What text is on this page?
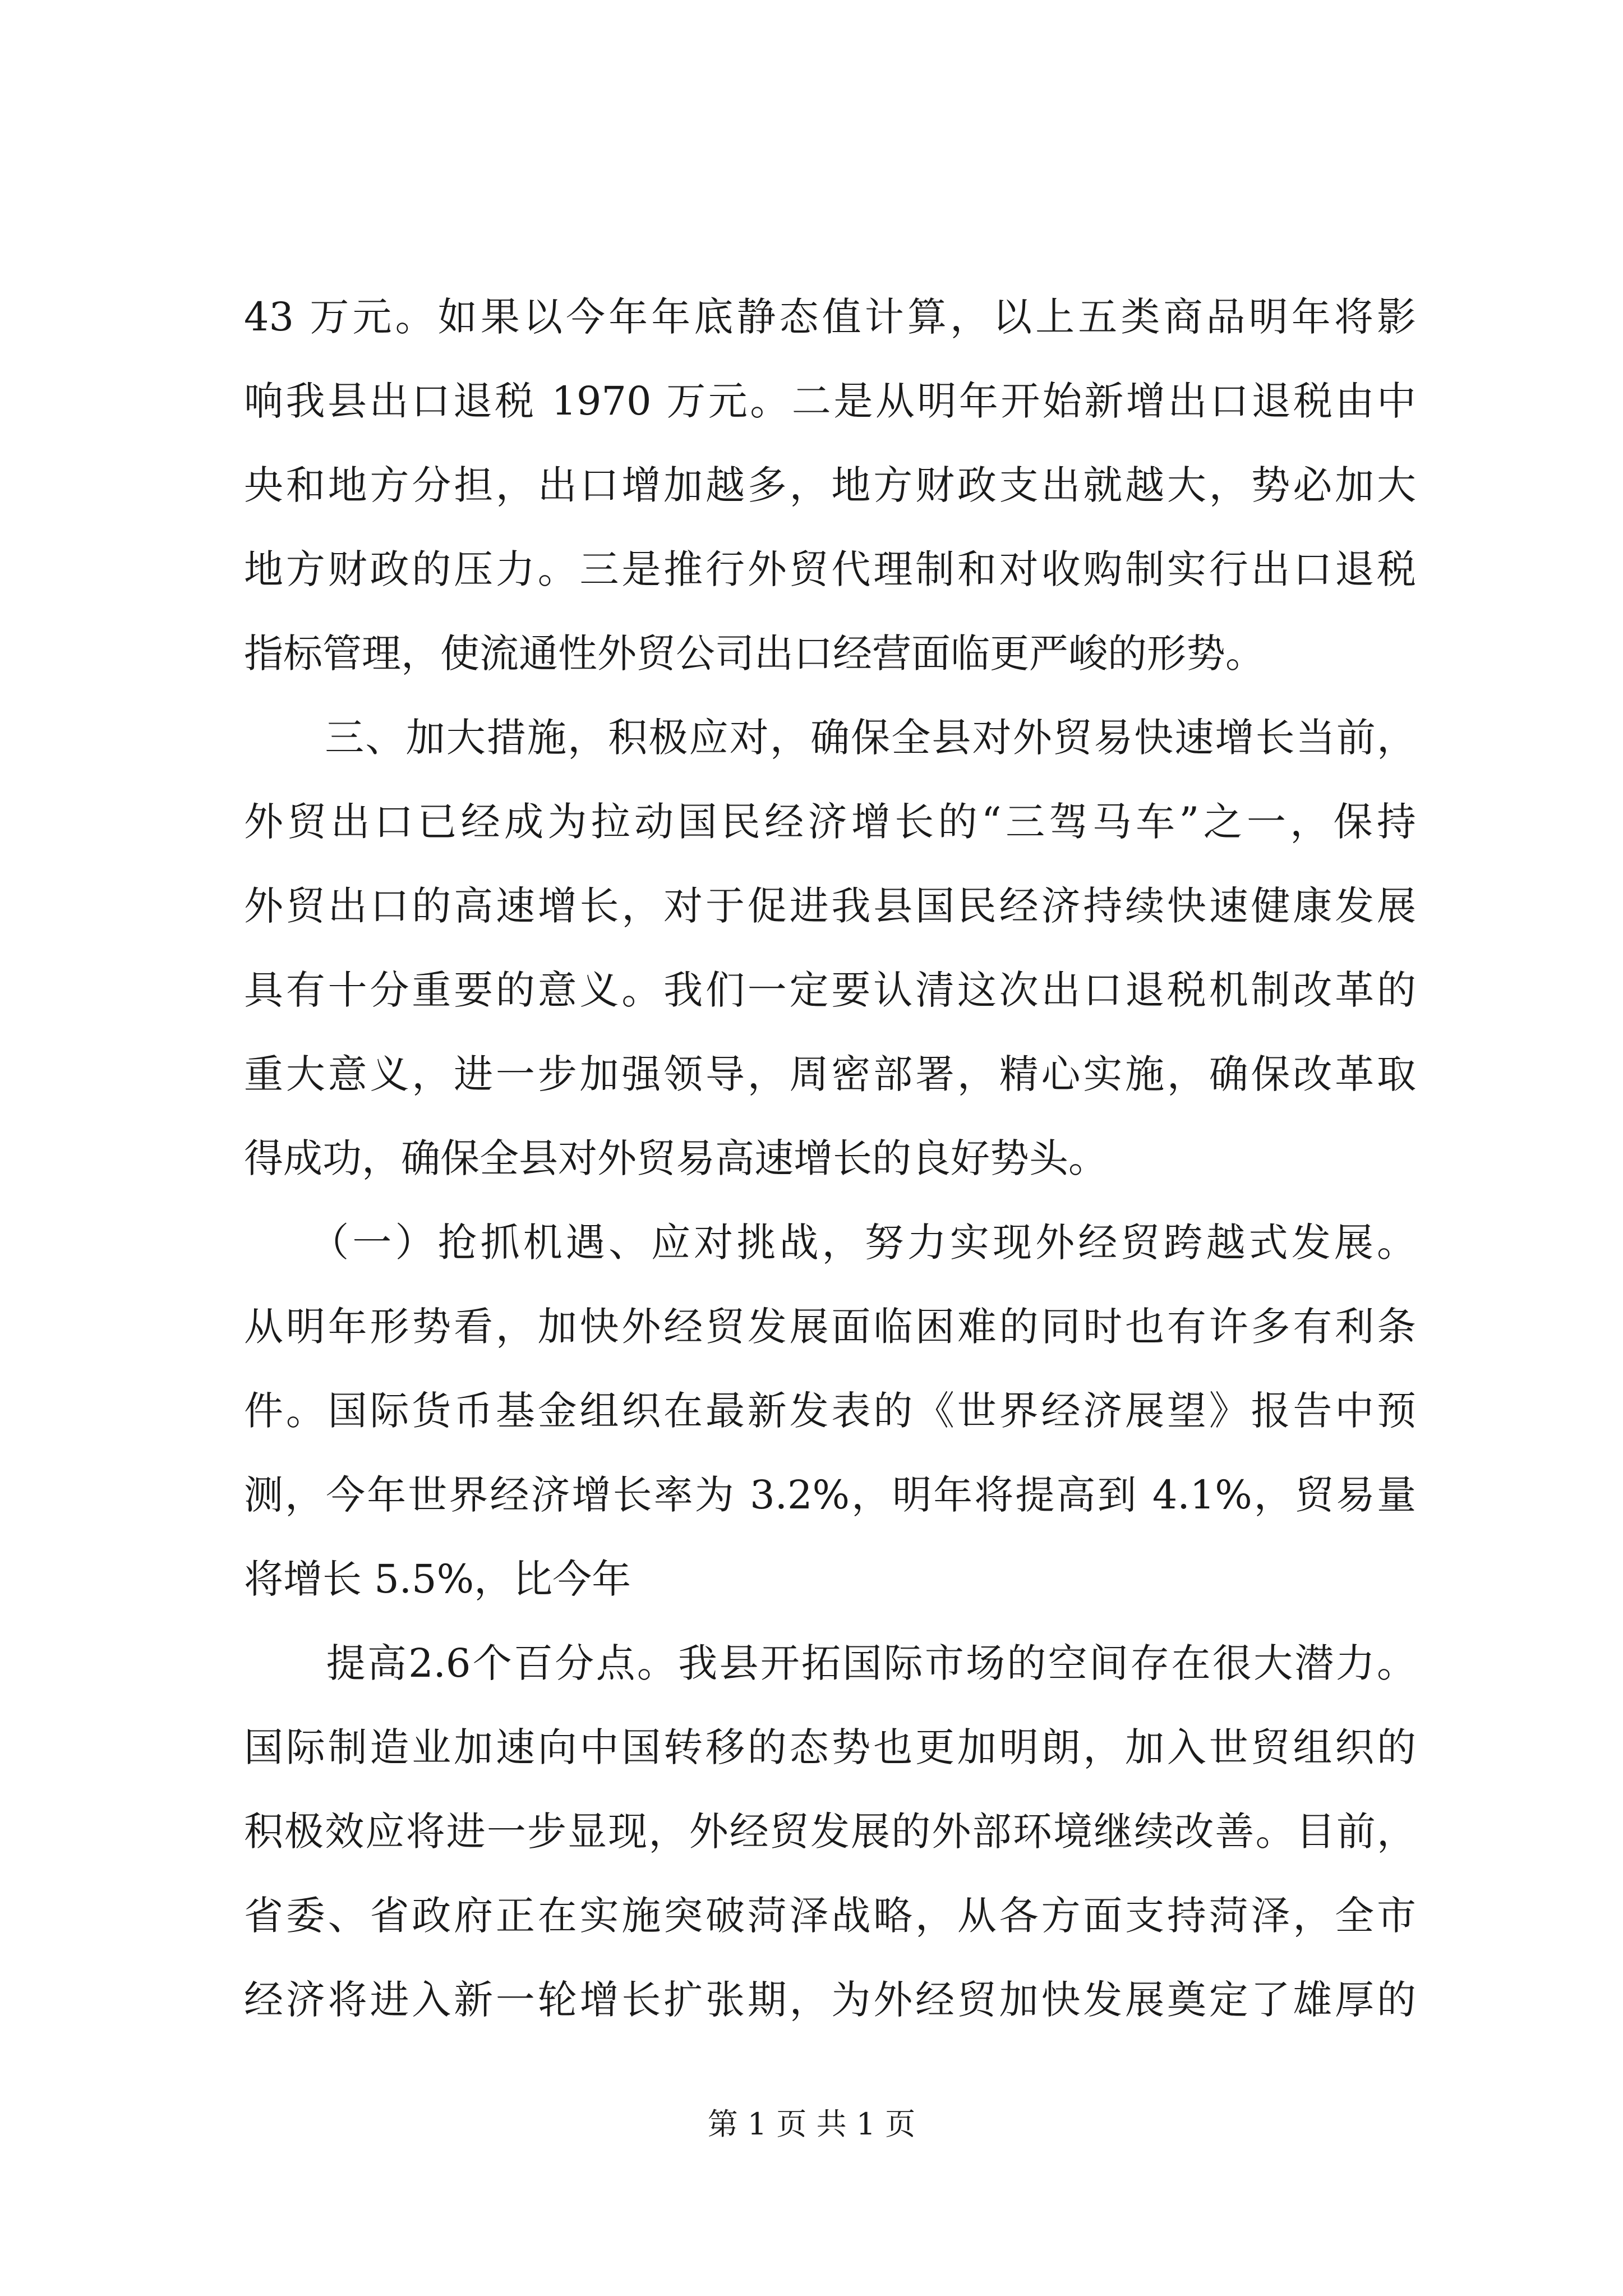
43 万元。如果以今年年底静态值计算，以上五类商品明年将影
响我县出口退税 1970 万元。二是从明年开始新增出口退税由中
央和地方分担，出口增加越多，地方财政支出就越大，势必加大
地方财政的压力。三是推行外贸代理制和对收购制实行出口退税
指标管理，使流通性外贸公司出口经营面临更严峻的形势。
　　三、加大措施，积极应对，确保全县对外贸易快速增长当前，
外贸出口已经成为拉动国民经济增长的“三驾马车”之一，保持
外贸出口的高速增长，对于促进我县国民经济持续快速健康发展
具有十分重要的意义。我们一定要认清这次出口退税机制改革的
重大意义，进一步加强领导，周密部署，精心实施，确保改革取
得成功，确保全县对外贸易高速增长的良好势头。
　　（一）抢抓机遇、应对挑战，努力实现外经贸跨越式发展。
从明年形势看，加快外经贸发展面临困难的同时也有许多有利条
件。国际货币基金组织在最新发表的《世界经济展望》报告中预
测，今年世界经济增长率为 3.2%，明年将提高到 4.1%，贸易量
将增长 5.5%，比今年
　　提高2.6个百分点。我县开拓国际市场的空间存在很大潜力。
国际制造业加速向中国转移的态势也更加明朗，加入世贸组织的
积极效应将进一步显现，外经贸发展的外部环境继续改善。目前，
省委、省政府正在实施突破菏泽战略，从各方面支持菏泽，全市
经济将进入新一轮增长扩张期，为外经贸加快发展奠定了雄厚的
第 1 页 共 1 页
